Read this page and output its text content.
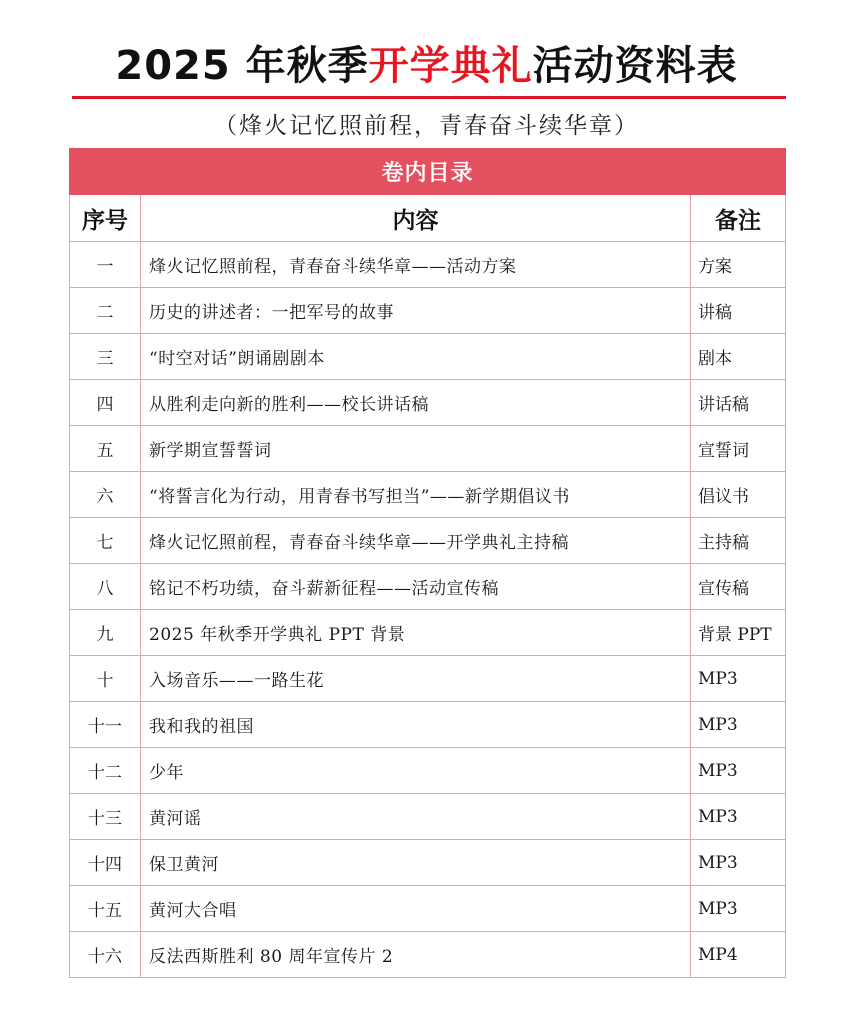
2025 年秋季开学典礼活动资料表
（烽火记忆照前程，青春奋斗续华章）
卷内目录		
序号	内容	备注
一	烽火记忆照前程，青春奋斗续华章——活动方案	方案
二	历史的讲述者：一把军号的故事	讲稿
三	“时空对话”朗诵剧剧本	剧本
四	从胜利走向新的胜利——校长讲话稿	讲话稿
五	新学期宣誓誓词	宣誓词
六	“将誓言化为行动，用青春书写担当”——新学期倡议书	倡议书
七	烽火记忆照前程，青春奋斗续华章——开学典礼主持稿	主持稿
八	铭记不朽功绩，奋斗薪新征程——活动宣传稿	宣传稿
九	2025 年秋季开学典礼 PPT 背景	背景 PPT
十	入场音乐——一路生花	MP3
十一	我和我的祖国	MP3
十二	少年	MP3
十三	黄河谣	MP3
十四	保卫黄河	MP3
十五	黄河大合唱	MP3
十六	反法西斯胜利 80 周年宣传片 2	MP4
